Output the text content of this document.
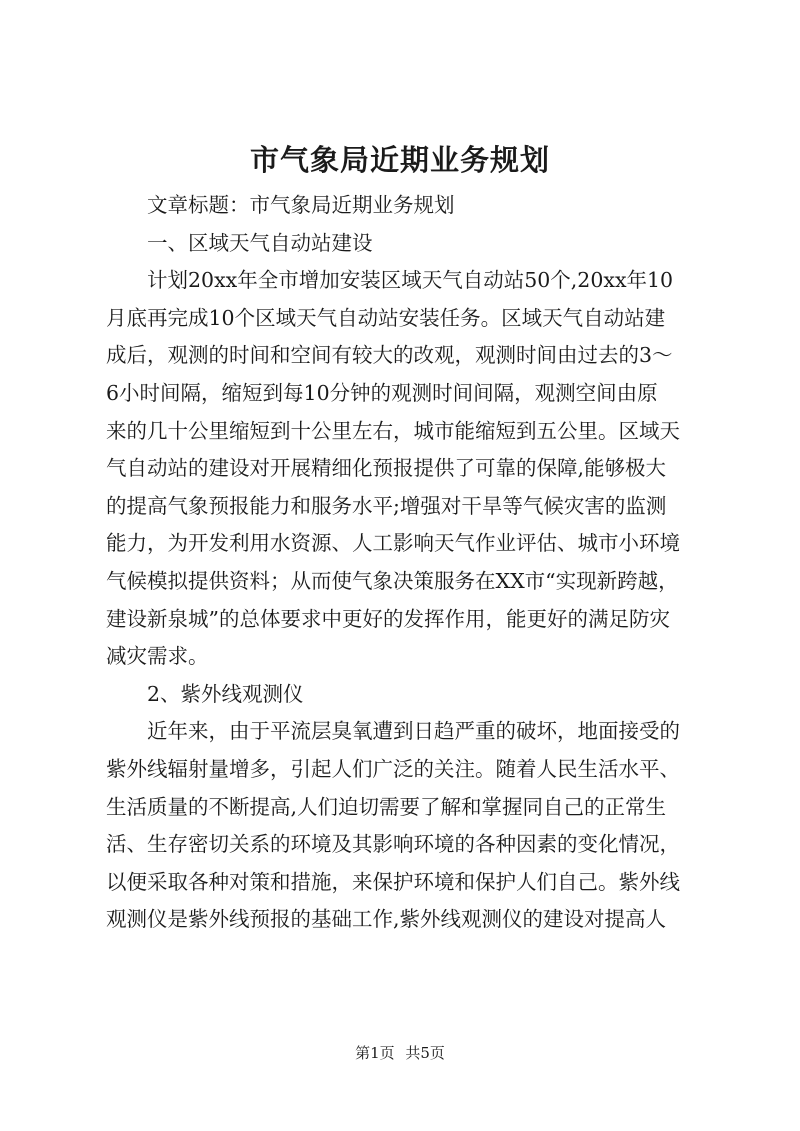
市气象局近期业务规划
文章标题：市气象局近期业务规划
一、区域天气自动站建设
计划20xx年全市增加安装区域天气自动站50个,20xx年10
月底再完成10个区域天气自动站安装任务。区域天气自动站建
成后，观测的时间和空间有较大的改观，观测时间由过去的3～
6小时间隔，缩短到每10分钟的观测时间间隔，观测空间由原
来的几十公里缩短到十公里左右，城市能缩短到五公里。区域天
气自动站的建设对开展精细化预报提供了可靠的保障,能够极大
的提高气象预报能力和服务水平;增强对干旱等气候灾害的监测
能力，为开发利用水资源、人工影响天气作业评估、城市小环境
气候模拟提供资料；从而使气象决策服务在XX市“实现新跨越，
建设新泉城”的总体要求中更好的发挥作用，能更好的满足防灾
减灾需求。
2、紫外线观测仪
近年来，由于平流层臭氧遭到日趋严重的破坏，地面接受的
紫外线辐射量增多，引起人们广泛的关注。随着人民生活水平、
生活质量的不断提高,人们迫切需要了解和掌握同自己的正常生
活、生存密切关系的环境及其影响环境的各种因素的变化情况，
以便采取各种对策和措施，来保护环境和保护人们自己。紫外线
观测仪是紫外线预报的基础工作,紫外线观测仪的建设对提高人
第1页 共5页
